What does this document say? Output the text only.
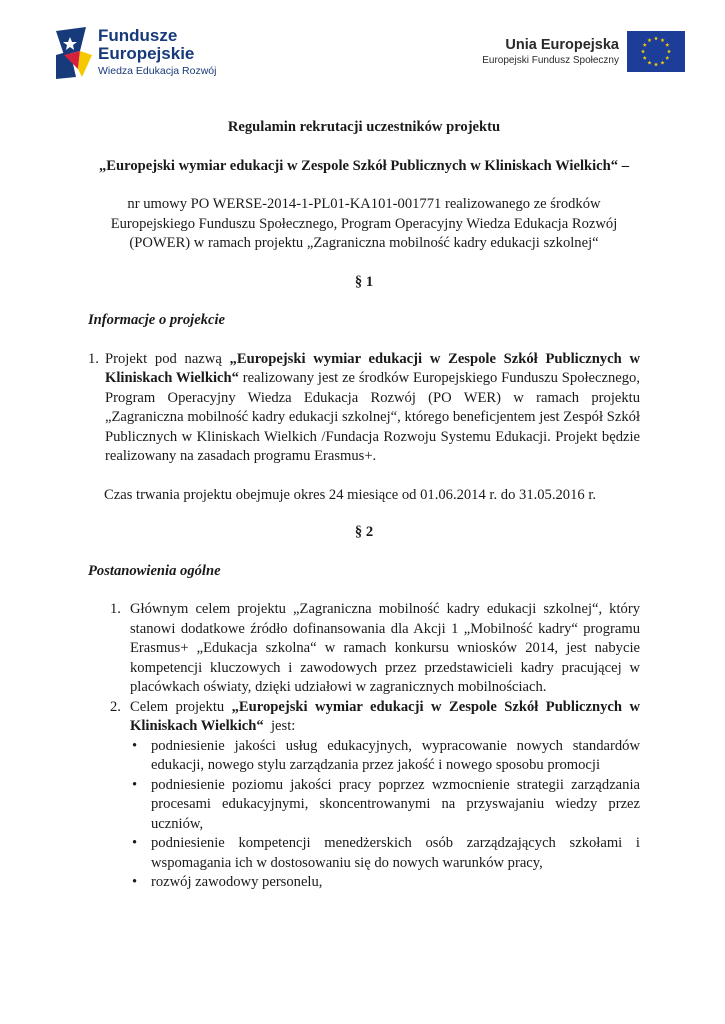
Fundusze
Europejskie
Wiedza Edukacja Rozwój
Unia Europejska
Europejski Fundusz Społeczny
Regulamin rekrutacji uczestników projektu
„Europejski wymiar edukacji w Zespole Szkół Publicznych w Kliniskach Wielkich“ –
nr umowy PO WERSE-2014-1-PL01-KA101-001771 realizowanego ze środków
Europejskiego Funduszu Społecznego, Program Operacyjny Wiedza Edukacja Rozwój
(POWER) w ramach projektu „Zagraniczna mobilność kadry edukacji szkolnej“
§ 1
Informacje o projekcie
1. Projekt pod nazwą „Europejski wymiar edukacji w Zespole Szkół Publicznych w Kliniskach Wielkich“ realizowany jest ze środków Europejskiego Funduszu Społecznego, Program Operacyjny Wiedza Edukacja Rozwój (PO WER) w ramach projektu „Zagraniczna mobilność kadry edukacji szkolnej“, którego beneficjentem jest Zespół Szkół Publicznych w Kliniskach Wielkich /Fundacja Rozwoju Systemu Edukacji. Projekt będzie realizowany na zasadach programu Erasmus+.
Czas trwania projektu obejmuje okres 24 miesiące od 01.06.2014 r. do 31.05.2016 r.
§ 2
Postanowienia ogólne
1. Głównym celem projektu „Zagraniczna mobilność kadry edukacji szkolnej“, który stanowi dodatkowe źródło dofinansowania dla Akcji 1 „Mobilność kadry“ programu Erasmus+ „Edukacja szkolna“ w ramach konkursu wniosków 2014, jest nabycie kompetencji kluczowych i zawodowych przez przedstawicieli kadry pracującej w placówkach oświaty, dzięki udziałowi w zagranicznych mobilnościach.
2. Celem projektu „Europejski wymiar edukacji w Zespole Szkół Publicznych w Kliniskach Wielkich“  jest:
• podniesienie jakości usług edukacyjnych, wypracowanie nowych standardów edukacji, nowego stylu zarządzania przez jakość i nowego sposobu promocji
• podniesienie poziomu jakości pracy poprzez wzmocnienie strategii zarządzania procesami edukacyjnymi, skoncentrowanymi na przyswajaniu wiedzy przez uczniów,
• podniesienie kompetencji menedżerskich osób zarządzających szkołami i wspomagania ich w dostosowaniu się do nowych warunków pracy,
• rozwój zawodowy personelu,
